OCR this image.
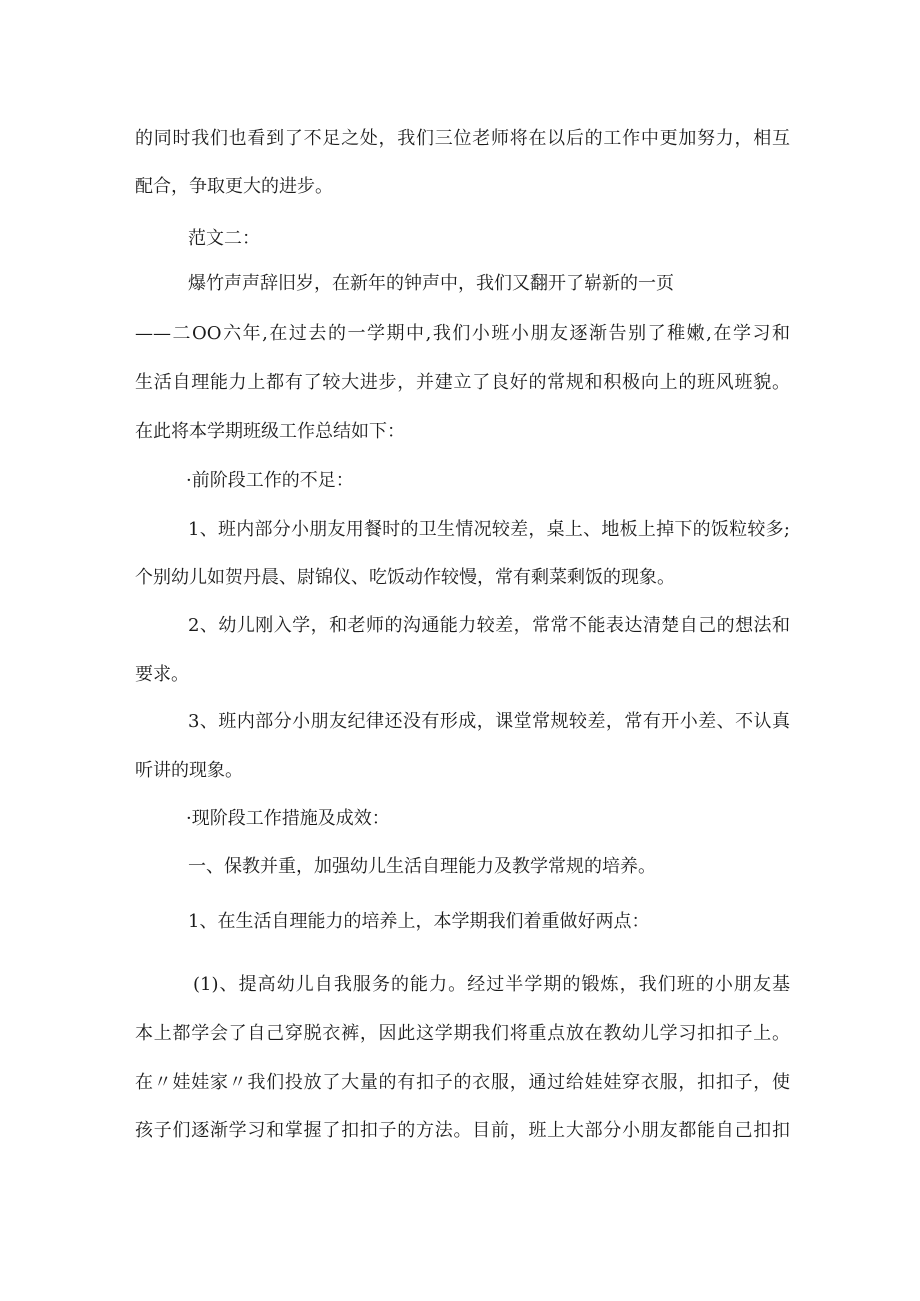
的同时我们也看到了不足之处，我们三位老师将在以后的工作中更加努力，相互
配合，争取更大的进步。
范文二：
爆竹声声辞旧岁，在新年的钟声中，我们又翻开了崭新的一页
——二OO六年,在过去的一学期中,我们小班小朋友逐渐告别了稚嫩,在学习和
生活自理能力上都有了较大进步，并建立了良好的常规和积极向上的班风班貌。
在此将本学期班级工作总结如下：
·前阶段工作的不足：
1、班内部分小朋友用餐时的卫生情况较差，桌上、地板上掉下的饭粒较多;
个别幼儿如贺丹晨、尉锦仪、吃饭动作较慢，常有剩菜剩饭的现象。
2、幼儿刚入学，和老师的沟通能力较差，常常不能表达清楚自己的想法和
要求。
3、班内部分小朋友纪律还没有形成，课堂常规较差，常有开小差、不认真
听讲的现象。
·现阶段工作措施及成效：
一、保教并重，加强幼儿生活自理能力及教学常规的培养。
1、在生活自理能力的培养上，本学期我们着重做好两点：
(1)、提高幼儿自我服务的能力。经过半学期的锻炼，我们班的小朋友基
本上都学会了自己穿脱衣裤，因此这学期我们将重点放在教幼儿学习扣扣子上。
在〃娃娃家〃我们投放了大量的有扣子的衣服，通过给娃娃穿衣服，扣扣子，使
孩子们逐渐学习和掌握了扣扣子的方法。目前，班上大部分小朋友都能自己扣扣
